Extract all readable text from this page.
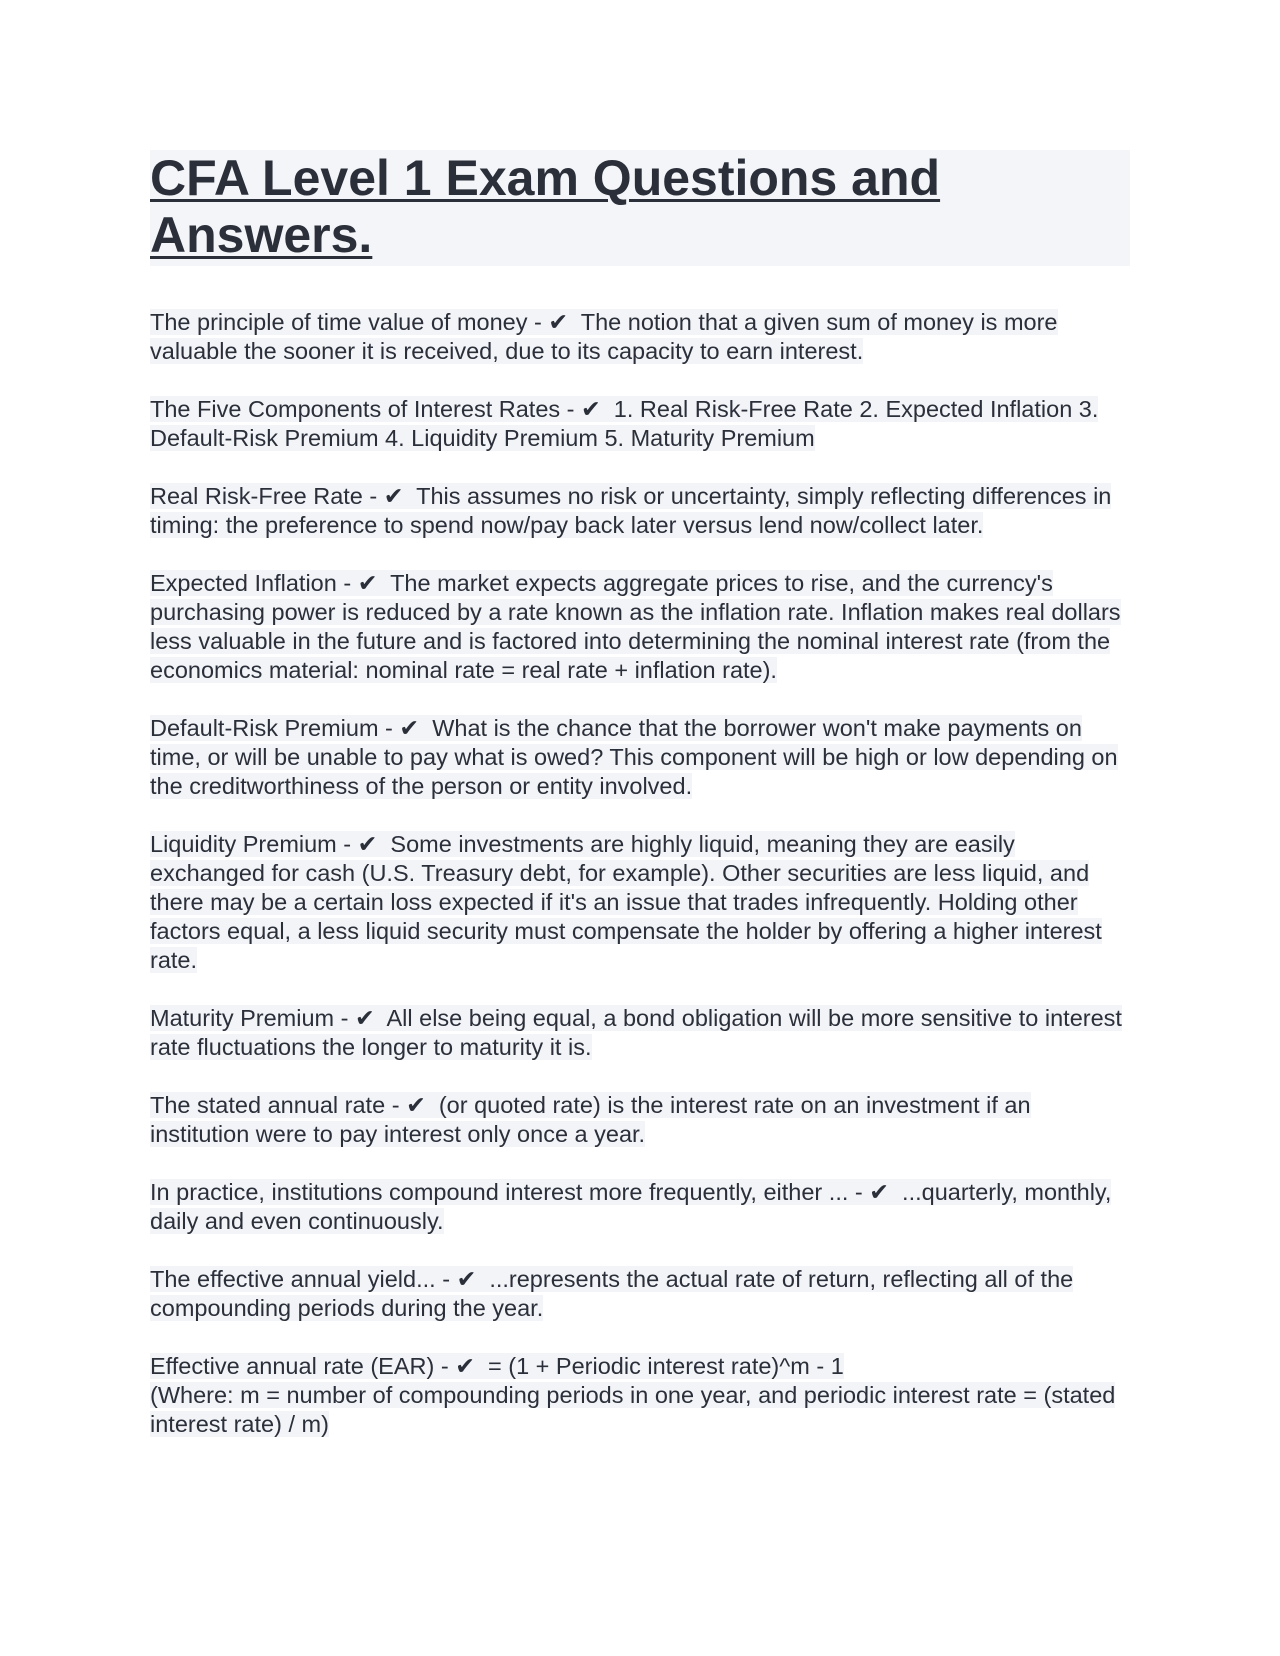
CFA Level 1 Exam Questions and Answers.

The principle of time value of money - ✔ The notion that a given sum of money is more valuable the sooner it is received, due to its capacity to earn interest.

The Five Components of Interest Rates - ✔ 1. Real Risk-Free Rate 2. Expected Inflation 3. Default-Risk Premium 4. Liquidity Premium 5. Maturity Premium

Real Risk-Free Rate - ✔ This assumes no risk or uncertainty, simply reflecting differences in timing: the preference to spend now/pay back later versus lend now/collect later.

Expected Inflation - ✔ The market expects aggregate prices to rise, and the currency's purchasing power is reduced by a rate known as the inflation rate. Inflation makes real dollars less valuable in the future and is factored into determining the nominal interest rate (from the economics material: nominal rate = real rate + inflation rate).

Default-Risk Premium - ✔ What is the chance that the borrower won't make payments on time, or will be unable to pay what is owed? This component will be high or low depending on the creditworthiness of the person or entity involved.

Liquidity Premium - ✔ Some investments are highly liquid, meaning they are easily exchanged for cash (U.S. Treasury debt, for example). Other securities are less liquid, and there may be a certain loss expected if it's an issue that trades infrequently. Holding other factors equal, a less liquid security must compensate the holder by offering a higher interest rate.

Maturity Premium - ✔ All else being equal, a bond obligation will be more sensitive to interest rate fluctuations the longer to maturity it is.

The stated annual rate - ✔ (or quoted rate) is the interest rate on an investment if an institution were to pay interest only once a year.

In practice, institutions compound interest more frequently, either ... - ✔ ...quarterly, monthly, daily and even continuously.

The effective annual yield... - ✔ ...represents the actual rate of return, reflecting all of the compounding periods during the year.

Effective annual rate (EAR) - ✔ = (1 + Periodic interest rate)^m - 1
(Where: m = number of compounding periods in one year, and periodic interest rate = (stated interest rate) / m)
